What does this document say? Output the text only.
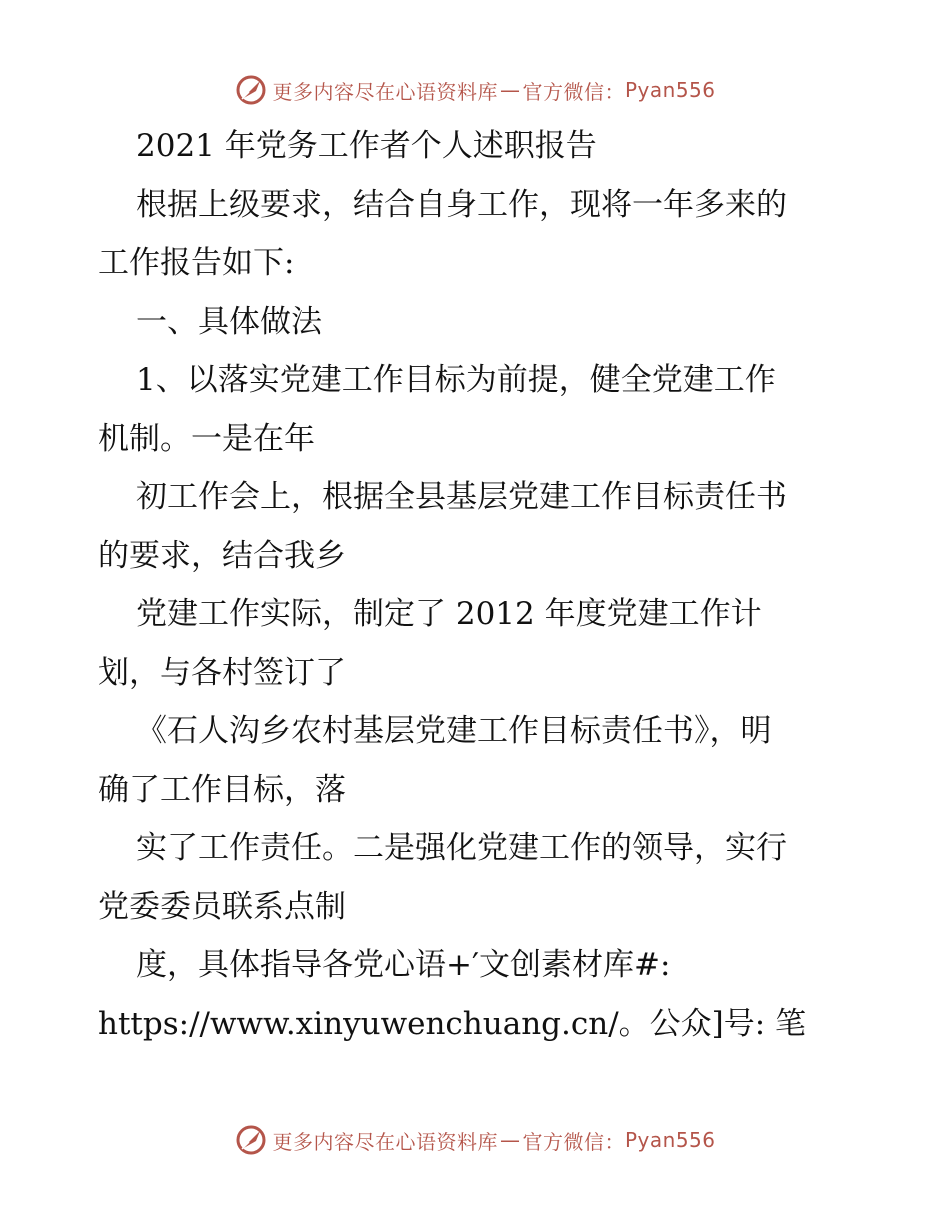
更多内容尽在心语资料库 — 官方微信： Pyan556
2021 年党务工作者个人述职报告
根据上级要求，结合自身工作，现将一年多来的
工作报告如下:
一、具体做法
1、以落实党建工作目标为前提，健全党建工作
机制。一是在年
初工作会上，根据全县基层党建工作目标责任书
的要求，结合我乡
党建工作实际，制定了 2012 年度党建工作计
划，与各村签订了
《石人沟乡农村基层党建工作目标责任书》，明
确了工作目标，落
实了工作责任。二是强化党建工作的领导，实行
党委委员联系点制
度，具体指导各党心语+′文创素材库#:
https://www.xinyuwenchuang.cn/。公众]号: 笔
更多内容尽在心语资料库 — 官方微信： Pyan556
